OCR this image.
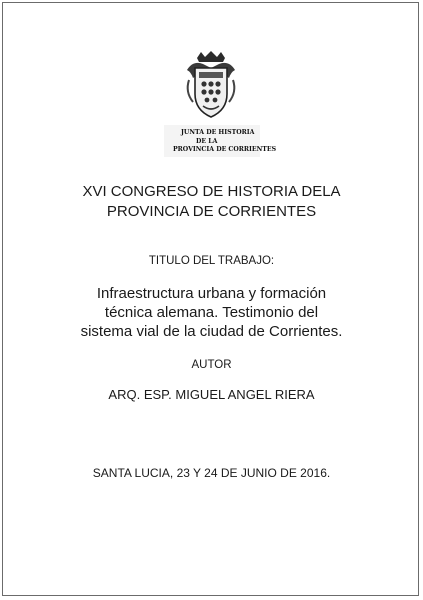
JUNTA DE HISTORIA
DE LA
PROVINCIA DE CORRIENTES
XVI CONGRESO DE HISTORIA DELA
PROVINCIA DE CORRIENTES
TITULO DEL TRABAJO:
Infraestructura urbana y formación
técnica alemana. Testimonio del
sistema vial de la ciudad de Corrientes.
AUTOR
ARQ. ESP. MIGUEL ANGEL RIERA
SANTA LUCIA, 23 Y 24 DE JUNIO DE 2016.
